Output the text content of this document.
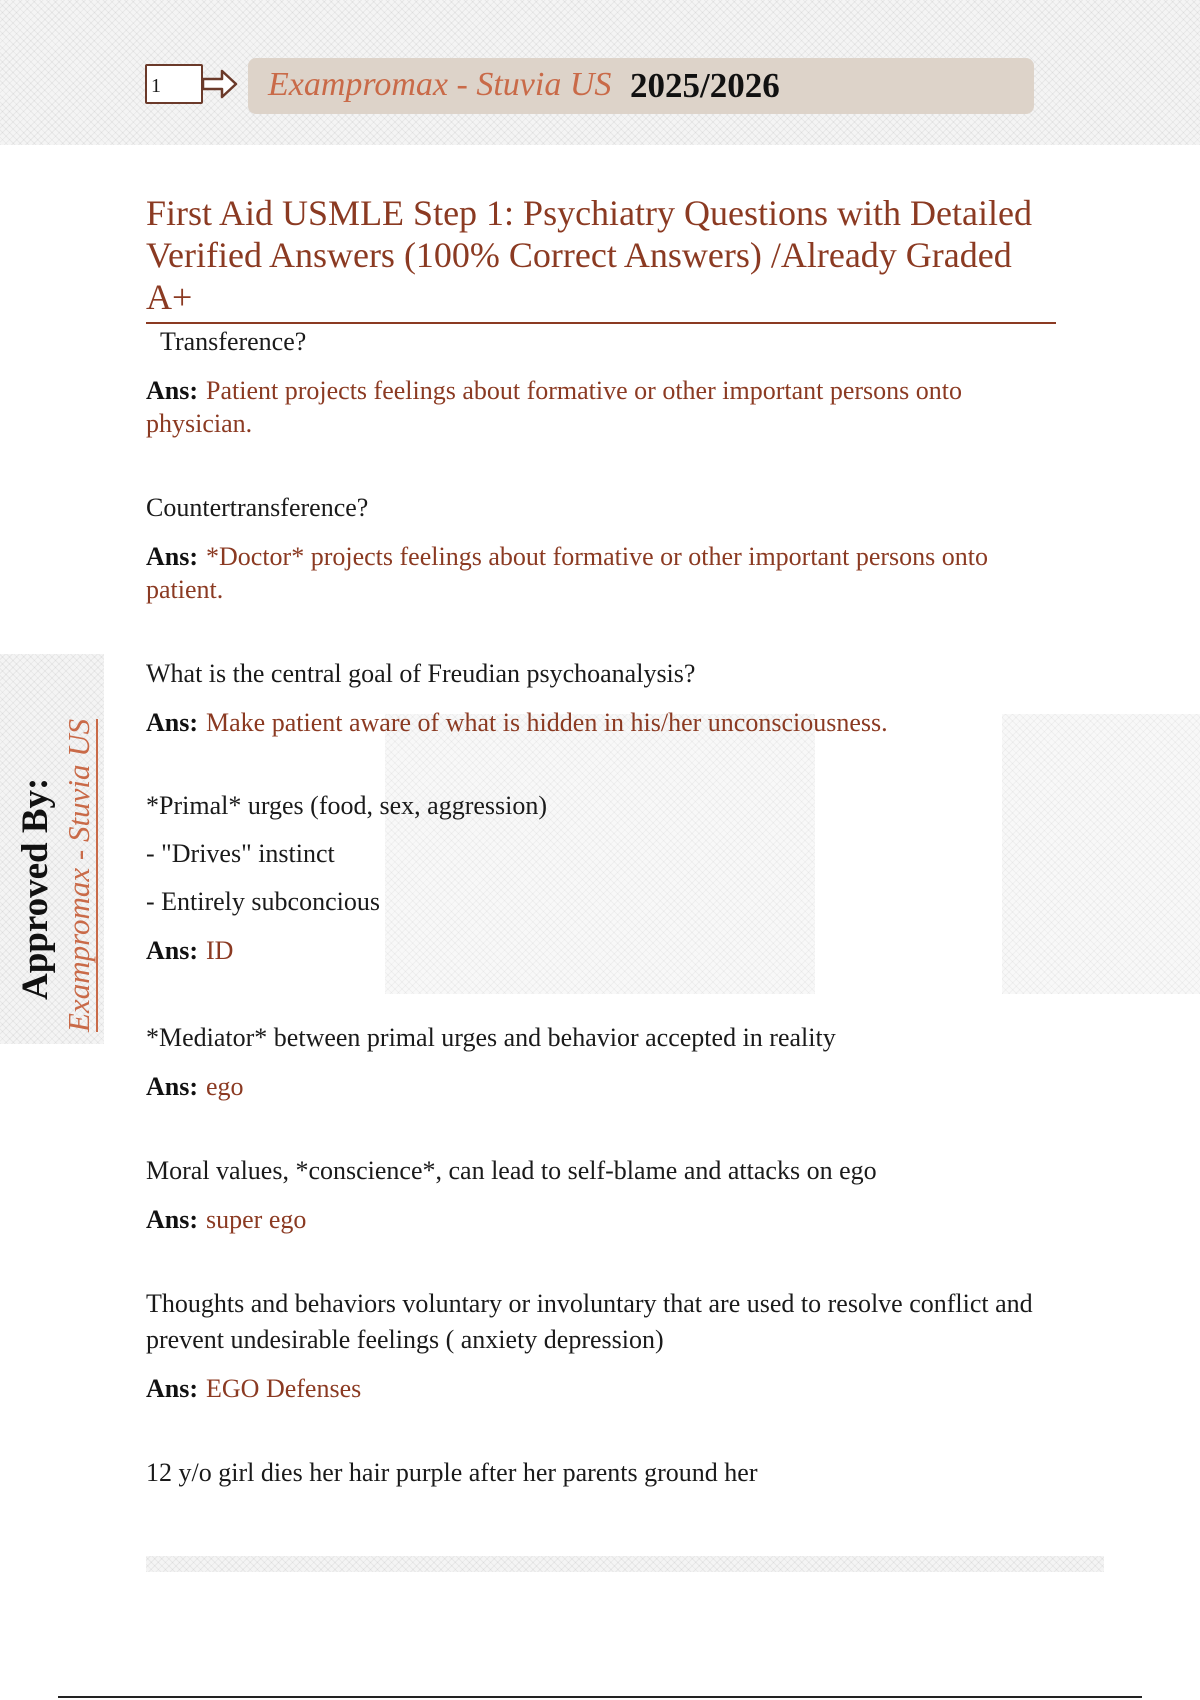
1	Exampromax - Stuvia US 2025/2026
First Aid USMLE Step 1: Psychiatry Questions with Detailed Verified Answers (100% Correct Answers) /Already Graded A+
Approved By: Exampromax - Stuvia US
Transference?
Ans: Patient projects feelings about formative or other important persons onto physician.
Countertransference?
Ans: *Doctor* projects feelings about formative or other important persons onto patient.
What is the central goal of Freudian psychoanalysis?
Ans: Make patient aware of what is hidden in his/her unconsciousness.
*Primal* urges (food, sex, aggression)
- "Drives" instinct
- Entirely subconcious
Ans: ID
*Mediator* between primal urges and behavior accepted in reality
Ans: ego
Moral values, *conscience*, can lead to self-blame and attacks on ego
Ans: super ego
Thoughts and behaviors voluntary or involuntary that are used to resolve conflict and prevent undesirable feelings ( anxiety depression)
Ans: EGO Defenses
12 y/o girl dies her hair purple after her parents ground her
